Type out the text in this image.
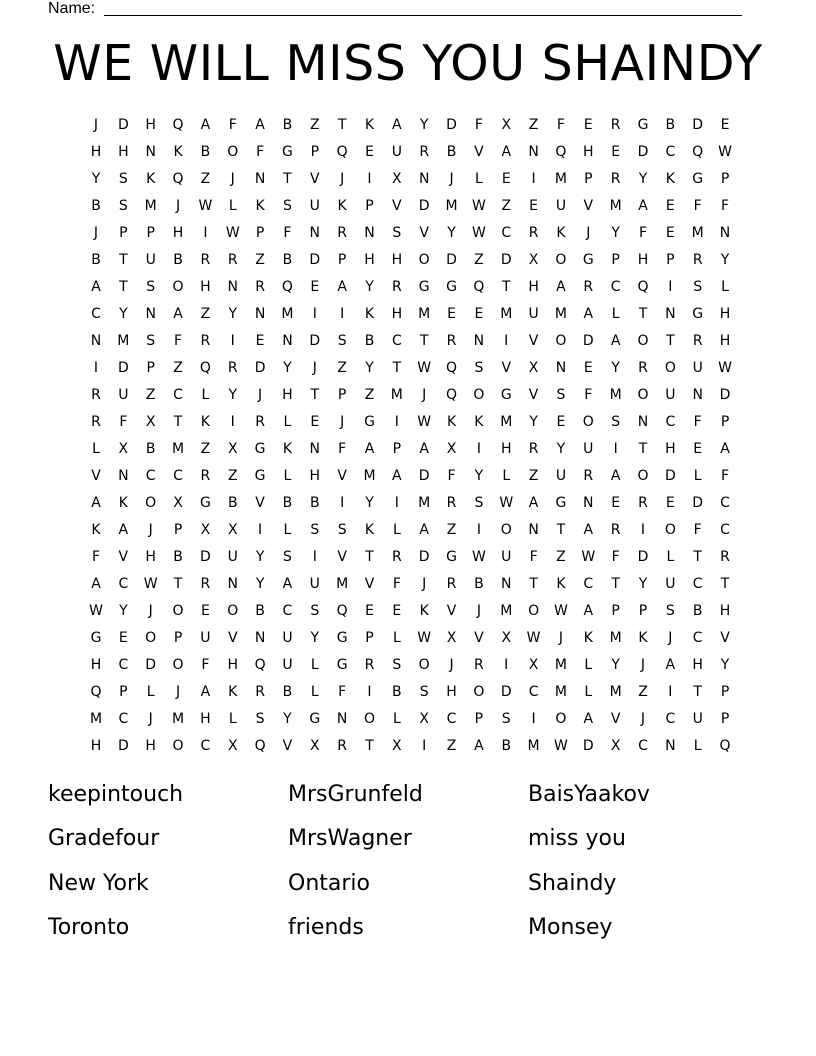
Name:
WE WILL MISS YOU SHAINDY
J	D	H	Q	A	F	A	B	Z	T	K	A	Y	D	F	X	Z	F	E	R	G	B	D	E
H	H	N	K	B	O	F	G	P	Q	E	U	R	B	V	A	N	Q	H	E	D	C	Q	W
Y	S	K	Q	Z	J	N	T	V	J	I	X	N	J	L	E	I	M	P	R	Y	K	G	P
B	S	M	J	W	L	K	S	U	K	P	V	D	M	W	Z	E	U	V	M	A	E	F	F
J	P	P	H	I	W	P	F	N	R	N	S	V	Y	W	C	R	K	J	Y	F	E	M	N
B	T	U	B	R	R	Z	B	D	P	H	H	O	D	Z	D	X	O	G	P	H	P	R	Y
A	T	S	O	H	N	R	Q	E	A	Y	R	G	G	Q	T	H	A	R	C	Q	I	S	L
C	Y	N	A	Z	Y	N	M	I	I	K	H	M	E	E	M	U	M	A	L	T	N	G	H
N	M	S	F	R	I	E	N	D	S	B	C	T	R	N	I	V	O	D	A	O	T	R	H
I	D	P	Z	Q	R	D	Y	J	Z	Y	T	W	Q	S	V	X	N	E	Y	R	O	U	W
R	U	Z	C	L	Y	J	H	T	P	Z	M	J	Q	O	G	V	S	F	M	O	U	N	D
R	F	X	T	K	I	R	L	E	J	G	I	W	K	K	M	Y	E	O	S	N	C	F	P
L	X	B	M	Z	X	G	K	N	F	A	P	A	X	I	H	R	Y	U	I	T	H	E	A
V	N	C	C	R	Z	G	L	H	V	M	A	D	F	Y	L	Z	U	R	A	O	D	L	F
A	K	O	X	G	B	V	B	B	I	Y	I	M	R	S	W	A	G	N	E	R	E	D	C
K	A	J	P	X	X	I	L	S	S	K	L	A	Z	I	O	N	T	A	R	I	O	F	C
F	V	H	B	D	U	Y	S	I	V	T	R	D	G	W	U	F	Z	W	F	D	L	T	R
A	C	W	T	R	N	Y	A	U	M	V	F	J	R	B	N	T	K	C	T	Y	U	C	T
W	Y	J	O	E	O	B	C	S	Q	E	E	K	V	J	M	O	W	A	P	P	S	B	H
G	E	O	P	U	V	N	U	Y	G	P	L	W	X	V	X	W	J	K	M	K	J	C	V
H	C	D	O	F	H	Q	U	L	G	R	S	O	J	R	I	X	M	L	Y	J	A	H	Y
Q	P	L	J	A	K	R	B	L	F	I	B	S	H	O	D	C	M	L	M	Z	I	T	P
M	C	J	M	H	L	S	Y	G	N	O	L	X	C	P	S	I	O	A	V	J	C	U	P
H	D	H	O	C	X	Q	V	X	R	T	X	I	Z	A	B	M	W	D	X	C	N	L	Q
keepintouch	MrsGrunfeld	BaisYaakov
Gradefour	MrsWagner	miss you
New York	Ontario	Shaindy
Toronto	friends	Monsey
